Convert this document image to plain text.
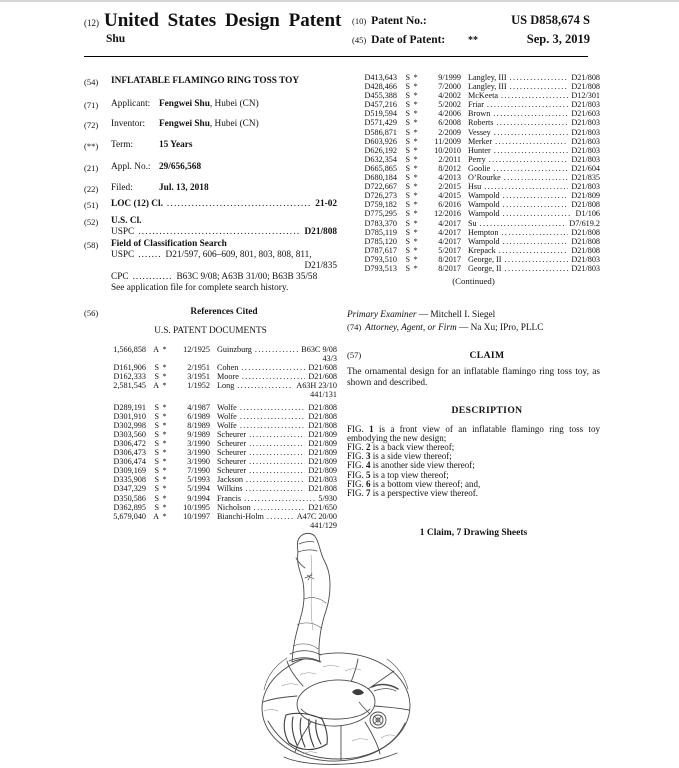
(12) United States Design Patent
Shu
(10) Patent No.:	US D858,674 S
(45) Date of Patent: **	Sep. 3, 2019
(54)	INFLATABLE FLAMINGO RING TOSS TOY
(71)	Applicant: Fengwei Shu, Hubei (CN)
(72)	Inventor: Fengwei Shu, Hubei (CN)
(**)	Term:	15 Years
(21)	Appl. No.: 29/656,568
(22)	Filed:	Jul. 13, 2018
(51)	LOC (12) Cl. .....	21-02
(52)	U.S. Cl.
USPC .....	D21/808
(58)	Field of Classification Search
USPC ....... D21/597, 606–609, 801, 803, 808, 811,
D21/835
CPC ............ B63C 9/08; A63B 31/00; B63B 35/58
See application file for complete search history.
(56)	References Cited
U.S. PATENT DOCUMENTS
1,566,858 A *	12/1925 Guinzburg .....	B63C 9/08
43/3
D161,906	S *	2/1951 Cohen .....	D21/608
D162,333	S *	3/1951 Moore .....	D21/608
2,581,545 A *	1/1952 Long .....	A63H 23/10
441/131
D289,191	S *	4/1987 Wolfe .....	D21/808
D301,910	S *	6/1989 Wolfe .....	D21/808
D302,998	S *	8/1989 Wolfe .....	D21/808
D303,560	S *	9/1989 Scheurer .....	D21/809
D306,472	S *	3/1990 Scheurer .....	D21/809
D306,473	S *	3/1990 Scheurer .....	D21/809
D306,474	S *	3/1990 Scheurer .....	D21/809
D309,169	S *	7/1990 Scheurer .....	D21/809
D335,908	S *	5/1993 Jackson .....	D21/803
D347,329	S *	5/1994 Wilkins .....	D21/808
D350,586	S *	9/1994 Francis .....	5/930
D362,895	S *	10/1995 Nicholson .....	D21/650
5,679,040 A *	10/1997 Bianchi-Holm .....	A47C 20/00
441/129
D413,643	S *	9/1999 Langley, III .....	D21/808
D428,466	S *	7/2000 Langley, III .....	D21/808
D455,388	S *	4/2002 McKeeta .....	D12/301
D457,216	S *	5/2002 Friar .....	D21/803
D519,594	S *	4/2006 Brown .....	D21/603
D571,429	S *	6/2008 Roberts .....	D21/803
D586,871	S *	2/2009 Vessey .....	D21/803
D603,926	S *	11/2009 Merker .....	D21/803
D626,192	S *	10/2010 Hunter .....	D21/803
D632,354	S *	2/2011 Perry .....	D21/803
D665,865	S *	8/2012 Goolie .....	D21/604
D680,184	S *	4/2013 O’Rourke .....	D21/835
D722,667	S *	2/2015 Hsu .....	D21/803
D726,273	S *	4/2015 Wampold .....	D21/809
D759,182	S *	6/2016 Wampold .....	D21/808
D775,295	S *	12/2016 Wampold .....	D1/106
D783,370	S *	4/2017 Su .....	D7/619.2
D785,119	S *	4/2017 Hempton .....	D21/808
D785,120	S *	4/2017 Wampold .....	D21/808
D787,617	S *	5/2017 Krepack .....	D21/808
D793,510	S *	8/2017 George, II .....	D21/803
D793,513	S *	8/2017 George, II .....	D21/803
(Continued)
Primary Examiner — Mitchell I. Siegel
(74) Attorney, Agent, or Firm — Na Xu; IPro, PLLC
(57)	CLAIM

The ornamental design for an inflatable flamingo ring toss toy, as shown and described.

DESCRIPTION

FIG. 1 is a front view of an inflatable flamingo ring toss toy embodying the new design;

FIG. 2 is a back view thereof;

FIG. 3 is a side view thereof;

FIG. 4 is another side view thereof;

FIG. 5 is a top view thereof;

FIG. 6 is a bottom view thereof; and,

FIG. 7 is a perspective view thereof.

1 Claim, 7 Drawing Sheets
